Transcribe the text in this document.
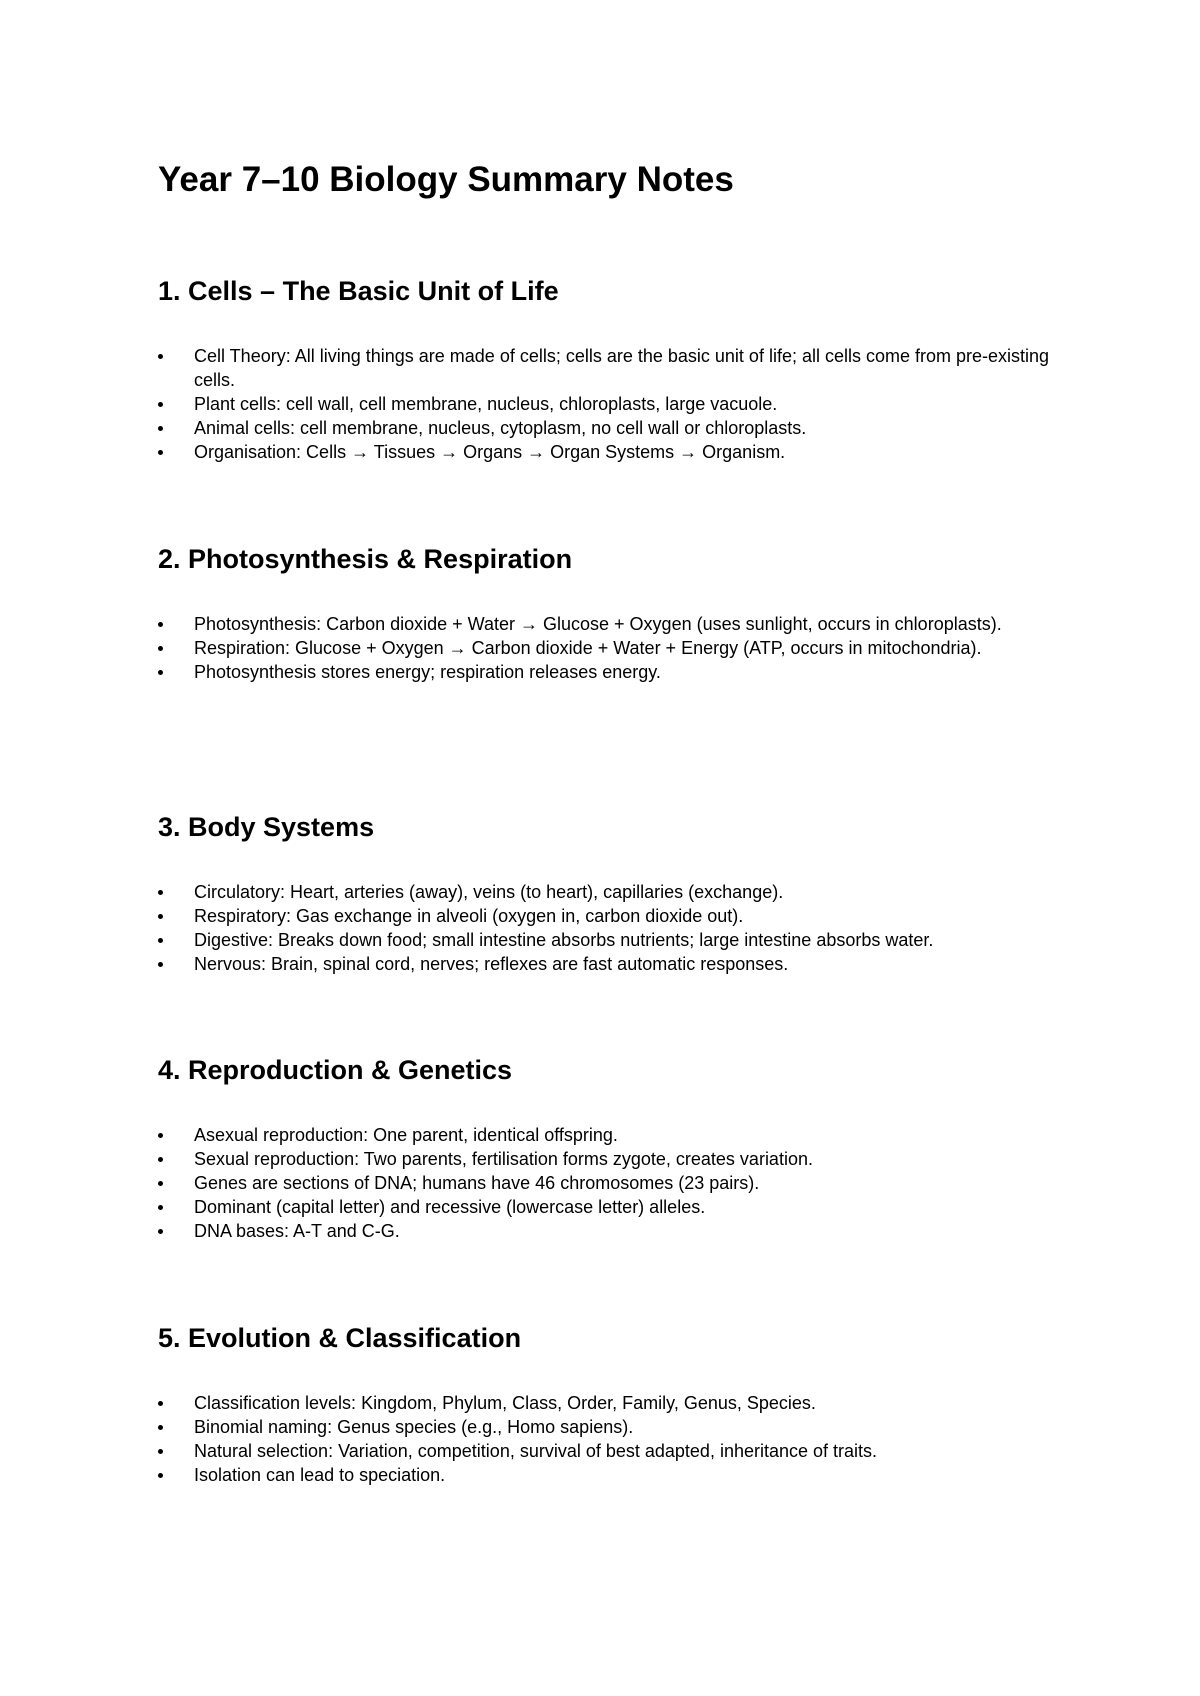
Year 7–10 Biology Summary Notes
1. Cells – The Basic Unit of Life
Cell Theory: All living things are made of cells; cells are the basic unit of life; all cells come from pre-existing cells.
Plant cells: cell wall, cell membrane, nucleus, chloroplasts, large vacuole.
Animal cells: cell membrane, nucleus, cytoplasm, no cell wall or chloroplasts.
Organisation: Cells → Tissues → Organs → Organ Systems → Organism.
2. Photosynthesis & Respiration
Photosynthesis: Carbon dioxide + Water → Glucose + Oxygen (uses sunlight, occurs in chloroplasts).
Respiration: Glucose + Oxygen → Carbon dioxide + Water + Energy (ATP, occurs in mitochondria).
Photosynthesis stores energy; respiration releases energy.
3. Body Systems
Circulatory: Heart, arteries (away), veins (to heart), capillaries (exchange).
Respiratory: Gas exchange in alveoli (oxygen in, carbon dioxide out).
Digestive: Breaks down food; small intestine absorbs nutrients; large intestine absorbs water.
Nervous: Brain, spinal cord, nerves; reflexes are fast automatic responses.
4. Reproduction & Genetics
Asexual reproduction: One parent, identical offspring.
Sexual reproduction: Two parents, fertilisation forms zygote, creates variation.
Genes are sections of DNA; humans have 46 chromosomes (23 pairs).
Dominant (capital letter) and recessive (lowercase letter) alleles.
DNA bases: A-T and C-G.
5. Evolution & Classification
Classification levels: Kingdom, Phylum, Class, Order, Family, Genus, Species.
Binomial naming: Genus species (e.g., Homo sapiens).
Natural selection: Variation, competition, survival of best adapted, inheritance of traits.
Isolation can lead to speciation.
